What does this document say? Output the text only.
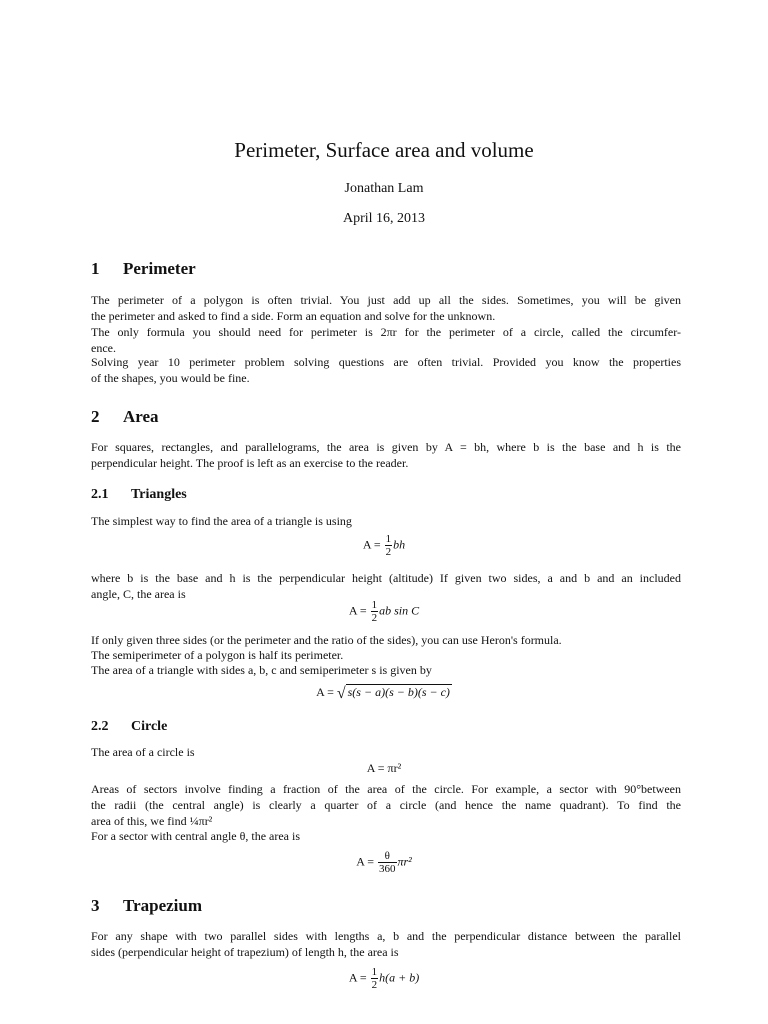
Perimeter, Surface area and volume
Jonathan Lam
April 16, 2013
1 Perimeter
The perimeter of a polygon is often trivial. You just add up all the sides. Sometimes, you will be given
the perimeter and asked to find a side. Form an equation and solve for the unknown.
The only formula you should need for perimeter is 2πr for the perimeter of a circle, called the circumfer-
ence.
Solving year 10 perimeter problem solving questions are often trivial. Provided you know the properties
of the shapes, you would be fine.
2 Area
For squares, rectangles, and parallelograms, the area is given by A = bh, where b is the base and h is the
perpendicular height. The proof is left as an exercise to the reader.
2.1 Triangles
The simplest way to find the area of a triangle is using
$A = \frac{1}{2}$ bh
where b is the base and h is the perpendicular height (altitude) If given two sides, a and b and an included
angle, C, the area is
$A = \frac{1}{2}$ ab sin C
If only given three sides (or the perimeter and the ratio of the sides), you can use Heron's formula.
The semiperimeter of a polygon is half its perimeter.
The area of a triangle with sides a, b, c and semiperimeter s is given by
A = √ s(s − a)(s − b)(s − c)
2.2 Circle
The area of a circle is
A = πr²
Areas of sectors involve finding a fraction of the area of the circle. For example, a sector with 90°between
the radii (the central angle) is clearly a quarter of a circle (and hence the name quadrant). To find the
area of this, we find ¼πr²
For a sector with central angle θ, the area is
$A = \frac{\theta}{360} \pi r^2$
3 Trapezium
For any shape with two parallel sides with lengths a, b and the perpendicular distance between the parallel
sides (perpendicular height of trapezium) of length h, the area is
$A = \frac{1}{2} h(a + b)$
